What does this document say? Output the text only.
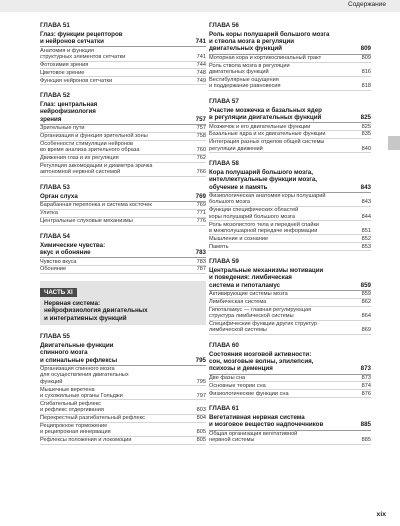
Содержание
ГЛАВА 51
Глаз: функции рецепторов
и нейронов сетчатки	741
Анатомия и функция
структурных элементов сетчатки	741
Фотохимия зрения	744
Цветовое зрение	748
Функция нейронов сетчатки	749
ГЛАВА 52
Глаз: центральная
нейрофизиология
зрения	757
Зрительные пути	757
Организация и функция зрительной зоны	758
Особенности стимуляции нейронов
во время анализа зрительного образа	760
Движения глаз и их регуляция	762
Регуляция аккомодации и диаметра зрачка
автономной нервной системой	766
ГЛАВА 53
Орган слуха	769
Барабанная перепонка и система косточек	769
Улитка	771
Центральные слуховые механизмы	776
ГЛАВА 54
Химические чувства:
вкус и обоняние	783
Чувство вкуса	783
Обоняние	787
ЧАСТЬ XI
Нервная система:
нейрофизиология двигательных
и интегративных функций
ГЛАВА 55
Двигательные функции
спинного мозга
и спинальные рефлексы	795
Организация спинного мозга
для осуществления двигательных
функций	795
Мышечные веретена
и сухожильные органы Гольджи	797
Сгибательный рефлекс
и рефлекс отдергивания	803
Перекрестный разгибательный рефлекс	804
Реципрокное торможение
и реципрокная иннервация	805
Рефлексы положения и локомоции	805
ГЛАВА 56
Роль коры полушарий большого мозга
и ствола мозга в регуляции
двигательных функций	809
Моторная кора и кортикоспинальный тракт	809
Роль ствола мозга в регуляции
двигательных функций	816
Вестибулярные ощущения
и поддержание равновесия	818
ГЛАВА 57
Участие мозжечка и базальных ядер
в регуляции двигательных функций	825
Мозжечок и его двигательные функции	825
Базальные ядра и их двигательные функции	835
Интеграция разных отделов общей системы
регуляции движений	840
ГЛАВА 58
Кора полушарий большого мозга,
интеллектуальные функции мозга,
обучение и память	843
Физиологическая анатомия коры полушарий
большого мозга	843
Функции специфических областей
коры полушарий большого мозга	844
Роль мозолистого тела и передней спайки
в межполушарной передаче информации	851
Мышление и сознание	852
Память	853
ГЛАВА 59
Центральные механизмы мотивации
и поведения: лимбическая
система и гипоталамус	859
Активирующие системы мозга	859
Лимбическая система	862
Гипоталамус — главная регулирующая
структура лимбической системы	864
Специфические функции других структур
лимбической системы	869
ГЛАВА 60
Состояния мозговой активности:
сон, мозговые волны, эпилепсия,
психозы и деменция	873
Две фазы сна	873
Основные теории сна	874
Физиологические функции сна	876
ГЛАВА 61
Вегетативная нервная система
и мозговое вещество надпочечников	885
Общая организация вегетативной
нервной системы	885
xix
